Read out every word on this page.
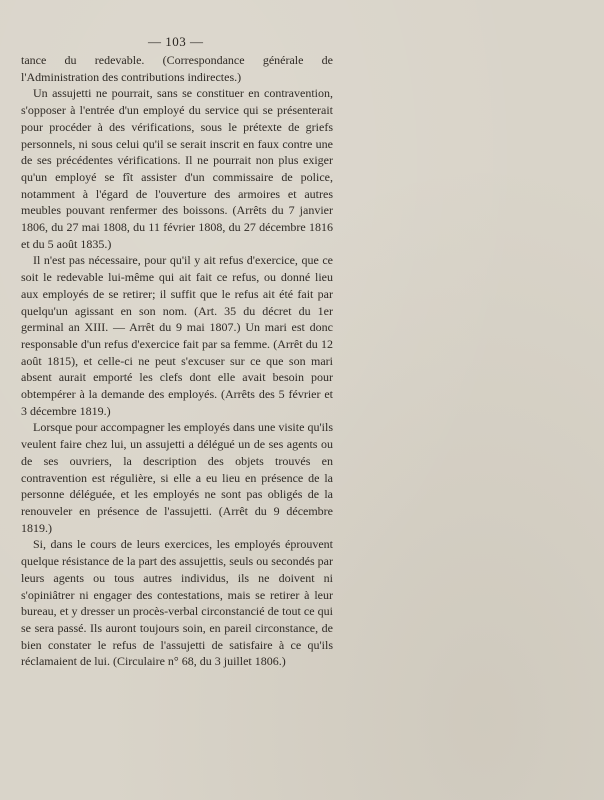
— 103 —

tance du redevable. (Correspondance générale de l'Administration des contributions indirectes.)

Un assujetti ne pourrait, sans se constituer en contravention, s'opposer à l'entrée d'un employé du service qui se présenterait pour procéder à des vérifications, sous le prétexte de griefs personnels, ni sous celui qu'il se serait inscrit en faux contre une de ses précédentes vérifications. Il ne pourrait non plus exiger qu'un employé se fît assister d'un commissaire de police, notamment à l'égard de l'ouverture des armoires et autres meubles pouvant renfermer des boissons. (Arrêts du 7 janvier 1806, du 27 mai 1808, du 11 février 1808, du 27 décembre 1816 et du 5 août 1835.)

Il n'est pas nécessaire, pour qu'il y ait refus d'exercice, que ce soit le redevable lui-même qui ait fait ce refus, ou donné lieu aux employés de se retirer; il suffit que le refus ait été fait par quelqu'un agissant en son nom. (Art. 35 du décret du 1er germinal an XIII. — Arrêt du 9 mai 1807.) Un mari est donc responsable d'un refus d'exercice fait par sa femme. (Arrêt du 12 août 1815), et celle-ci ne peut s'excuser sur ce que son mari absent aurait emporté les clefs dont elle avait besoin pour obtempérer à la demande des employés. (Arrêts des 5 février et 3 décembre 1819.)

Lorsque pour accompagner les employés dans une visite qu'ils veulent faire chez lui, un assujetti a délégué un de ses agents ou de ses ouvriers, la description des objets trouvés en contravention est régulière, si elle a eu lieu en présence de la personne déléguée, et les employés ne sont pas obligés de la renouveler en présence de l'assujetti. (Arrêt du 9 décembre 1819.)

Si, dans le cours de leurs exercices, les employés éprouvent quelque résistance de la part des assujettis, seuls ou secondés par leurs agents ou tous autres individus, ils ne doivent ni s'opiniâtrer ni engager des contestations, mais se retirer à leur bureau, et y dresser un procès-verbal circonstancié de tout ce qui se sera passé. Ils auront toujours soin, en pareil circonstance, de bien constater le refus de l'assujetti de satisfaire à ce qu'ils réclamaient de lui. (Circulaire n° 68, du 3 juillet 1806.)
